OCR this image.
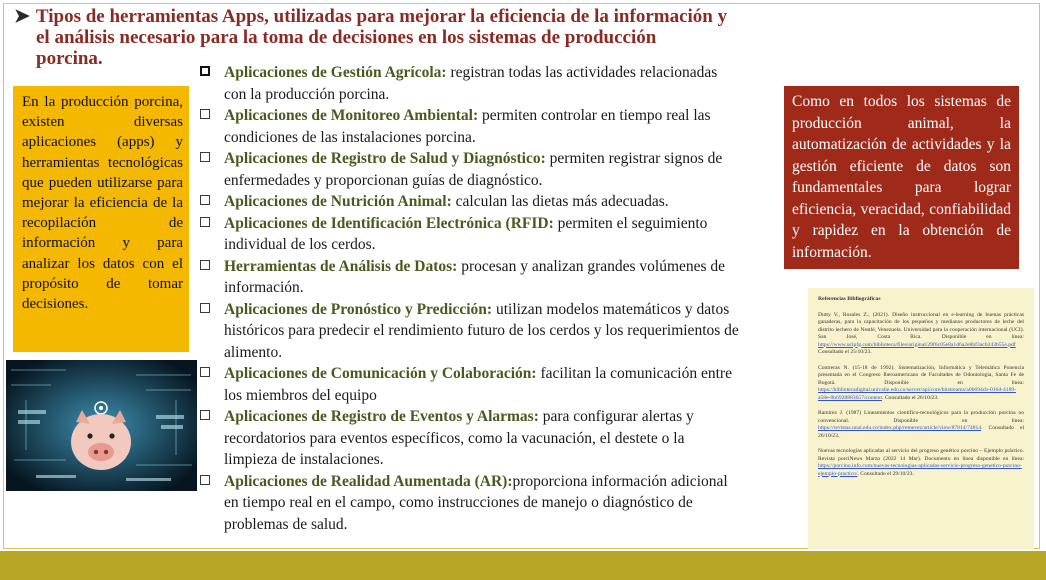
➤ Tipos de herramientas Apps, utilizadas para mejorar la eficiencia de la información y
el análisis necesario para la toma de decisiones en los sistemas de producción
porcina.
En la producción porcina, existen diversas aplicaciones (apps) y herramientas tecnológicas que pueden utilizarse para mejorar la eficiencia de la recopilación de información y para analizar los datos con el propósito de tomar decisiones.
Aplicaciones de Gestión Agrícola: registran todas las actividades relacionadas con la producción porcina.
Aplicaciones de Monitoreo Ambiental: permiten controlar en tiempo real las condiciones de las instalaciones porcina.
Aplicaciones de Registro de Salud y Diagnóstico: permiten registrar signos de enfermedades y proporcionan guías de diagnóstico.
Aplicaciones de Nutrición Animal: calculan las dietas más adecuadas.
Aplicaciones de Identificación Electrónica (RFID: permiten el seguimiento individual de los cerdos.
Herramientas de Análisis de Datos: procesan y analizan grandes volúmenes de información.
Aplicaciones de Pronóstico y Predicción: utilizan modelos matemáticos y datos históricos para predecir el rendimiento futuro de los cerdos y los requerimientos de alimento.
Aplicaciones de Comunicación y Colaboración: facilitan la comunicación entre los miembros del equipo
Aplicaciones de Registro de Eventos y Alarmas: para configurar alertas y recordatorios para eventos específicos, como la vacunación, el destete o la limpieza de instalaciones.
Aplicaciones de Realidad Aumentada (AR):proporciona información adicional en tiempo real en el campo, como instrucciones de manejo o diagnóstico de problemas de salud.
Como en todos los sistemas de producción animal, la automatización de actividades y la gestión eficiente de datos son fundamentales para lograr eficiencia, veracidad, confiabilidad y rapidez en la obtención de información.
Referencias Bibliográficas
Dutty V., Rosales Z., (2021). Diseño instruccional en e-learning de buenas prácticas ganaderas, para la capacitación de los pequeños y medianos productores de leche del distrito lechero de Nestlé, Venezuela. Universidad para la cooperación internacional (UCI). San José, Costa Rica. Disponible en línea: https://www.ucipfg.com/biblioteca/files/original/29f6c05e8a1d6a2e8bf3acb243b55e.pdf Consultado el 25/10/23.
Contreras N. (15-18 de 1992). Sistematización, Informática y Telemática Ponencia presentada en el Congreso Iberoamericano de Facultades de Odontología, Santa Fe de Bogotá. Disponible en línea: https://bibliotecadigital.univalle.edu.co/server/api/core/bitstreams/a0b694cb-016d-4189-a58e-8b6928883657/content. Consultado el 26/10/23.
Ramírez J. (1987) Lineamientos científico-tecnológicos para la producción porcina no convencional. Disponible en línea: https://revistas.unal.edu.co/index.php/remevez/article/view/87814/74814. Consultado el 26/10/23.
Nuevas tecnologías aplicadas al servicio del progreso genético porcino – Ejemplo práctico. Revista porciNews Marzo (2022 14 Mar). Documento en línea disponible en línea: https://porcino.info.com/nuevas-tecnologias-aplicadas-servicio-progreso-genetico-porcino-ejemplo-practico/. Consultado el 29/10/23.
